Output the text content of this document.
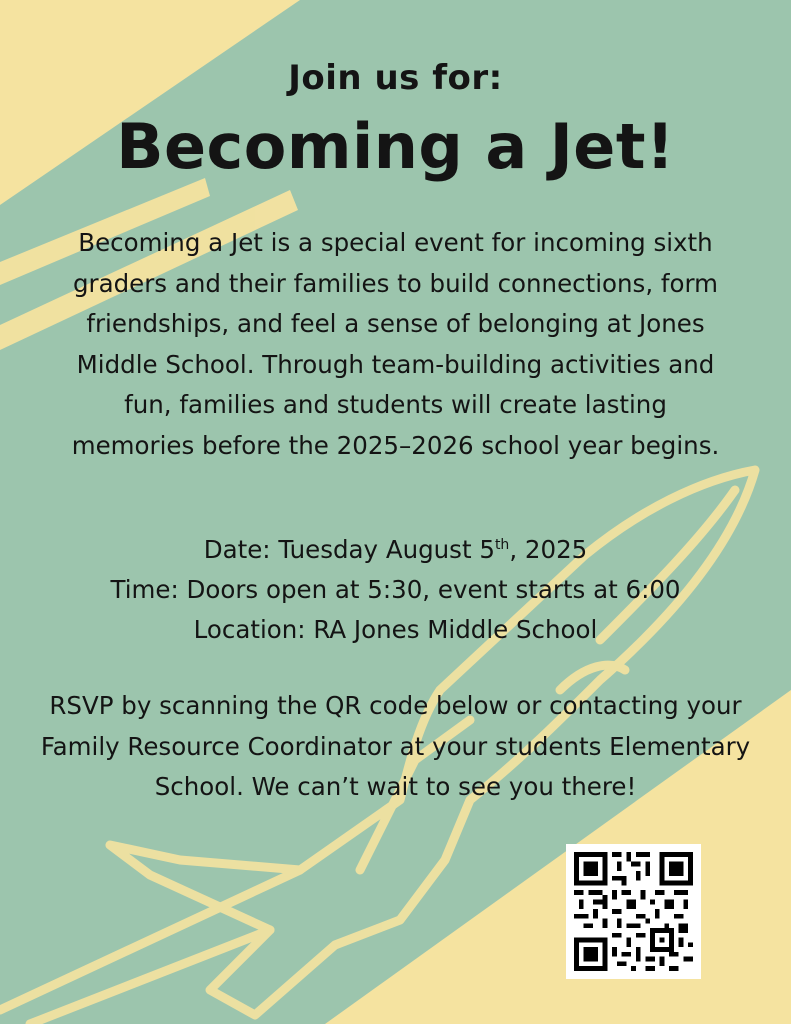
Join us for:
Becoming a Jet!
Becoming a Jet is a special event for incoming sixth graders and their families to build connections, form friendships, and feel a sense of belonging at Jones Middle School. Through team-building activities and fun, families and students will create lasting memories before the 2025–2026 school year begins.
Date: Tuesday August 5th, 2025
Time: Doors open at 5:30, event starts at 6:00
Location: RA Jones Middle School
RSVP by scanning the QR code below or contacting your Family Resource Coordinator at your students Elementary School. We can’t wait to see you there!
